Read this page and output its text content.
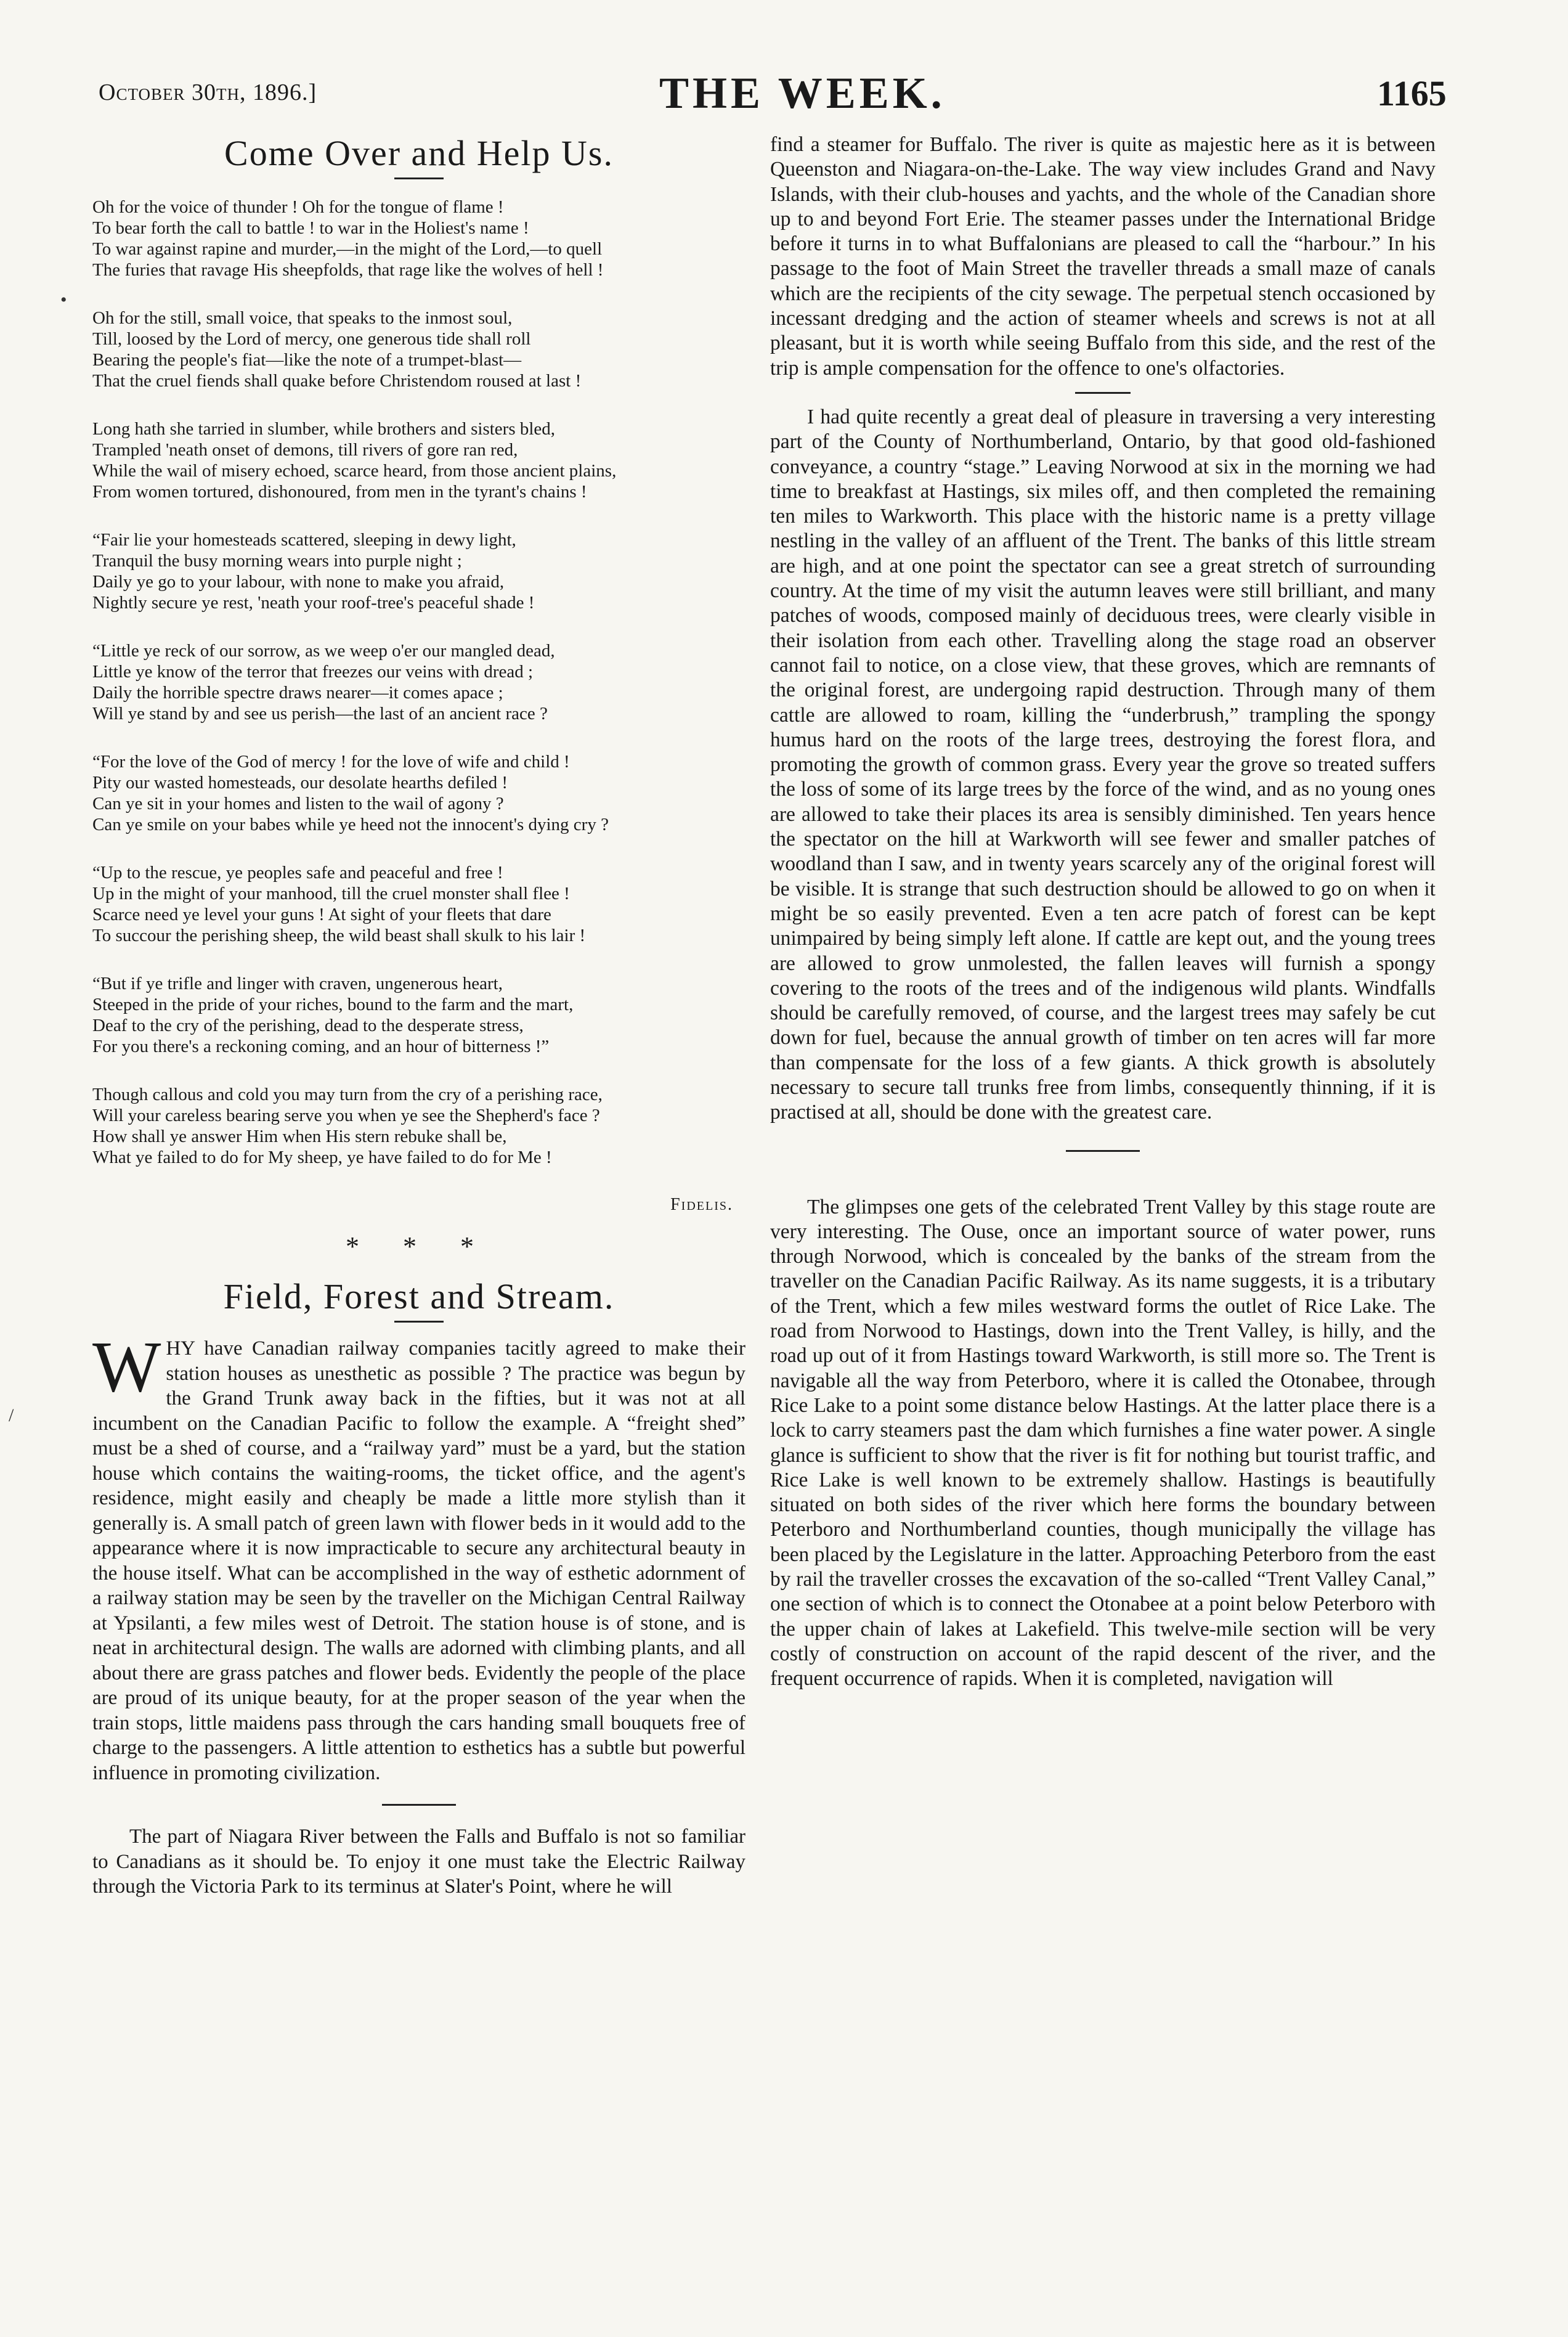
October 30th, 1896.]	THE WEEK.	1165
Come Over and Help Us.

Oh for the voice of thunder ! Oh for the tongue of flame !

To bear forth the call to battle ! to war in the Holiest's name !

To war against rapine and murder,—in the might of the Lord,—to quell

The furies that ravage His sheepfolds, that rage like the wolves of hell !

Oh for the still, small voice, that speaks to the inmost soul,

Till, loosed by the Lord of mercy, one generous tide shall roll

Bearing the people's fiat—like the note of a trumpet-blast—

That the cruel fiends shall quake before Christendom roused at last !

Long hath she tarried in slumber, while brothers and sisters bled,

Trampled 'neath onset of demons, till rivers of gore ran red,

While the wail of misery echoed, scarce heard, from those ancient plains,

From women tortured, dishonoured, from men in the tyrant's chains !

“Fair lie your homesteads scattered, sleeping in dewy light,

Tranquil the busy morning wears into purple night ;

Daily ye go to your labour, with none to make you afraid,

Nightly secure ye rest, 'neath your roof-tree's peaceful shade !

“Little ye reck of our sorrow, as we weep o'er our mangled dead,

Little ye know of the terror that freezes our veins with dread ;

Daily the horrible spectre draws nearer—it comes apace ;

Will ye stand by and see us perish—the last of an ancient race ?

“For the love of the God of mercy ! for the love of wife and child !

Pity our wasted homesteads, our desolate hearths defiled !

Can ye sit in your homes and listen to the wail of agony ?

Can ye smile on your babes while ye heed not the innocent's dying cry ?

“Up to the rescue, ye peoples safe and peaceful and free !

Up in the might of your manhood, till the cruel monster shall flee !

Scarce need ye level your guns ! At sight of your fleets that dare

To succour the perishing sheep, the wild beast shall skulk to his lair !

“But if ye trifle and linger with craven, ungenerous heart,

Steeped in the pride of your riches, bound to the farm and the mart,

Deaf to the cry of the perishing, dead to the desperate stress,

For you there's a reckoning coming, and an hour of bitterness !”

Though callous and cold you may turn from the cry of a perishing race,

Will your careless bearing serve you when ye see the Shepherd's face ?

How shall ye answer Him when His stern rebuke shall be,

What ye failed to do for My sheep, ye have failed to do for Me !

Fidelis.
* * *
Field, Forest and Stream.

WHY have Canadian railway companies tacitly agreed to make their station houses as unesthetic as possible ? The practice was begun by the Grand Trunk away back in the fifties, but it was not at all incumbent on the Canadian Pacific to follow the example. A “freight shed” must be a shed of course, and a “railway yard” must be a yard, but the station house which contains the waiting-rooms, the ticket office, and the agent's residence, might easily and cheaply be made a little more stylish than it generally is. A small patch of green lawn with flower beds in it would add to the appearance where it is now impracticable to secure any architectural beauty in the house itself. What can be accomplished in the way of esthetic adornment of a railway station may be seen by the traveller on the Michigan Central Railway at Ypsilanti, a few miles west of Detroit. The station house is of stone, and is neat in architectural design. The walls are adorned with climbing plants, and all about there are grass patches and flower beds. Evidently the people of the place are proud of its unique beauty, for at the proper season of the year when the train stops, little maidens pass through the cars handing small bouquets free of charge to the passengers. A little attention to esthetics has a subtle but powerful influence in promoting civilization.

The part of Niagara River between the Falls and Buffalo is not so familiar to Canadians as it should be. To enjoy it one must take the Electric Railway through the Victoria Park to its terminus at Slater's Point, where he will

find a steamer for Buffalo. The river is quite as majestic here as it is between Queenston and Niagara-on-the-Lake. The way view includes Grand and Navy Islands, with their club-houses and yachts, and the whole of the Canadian shore up to and beyond Fort Erie. The steamer passes under the International Bridge before it turns in to what Buffalonians are pleased to call the “harbour.” In his passage to the foot of Main Street the traveller threads a small maze of canals which are the recipients of the city sewage. The perpetual stench occasioned by incessant dredging and the action of steamer wheels and screws is not at all pleasant, but it is worth while seeing Buffalo from this side, and the rest of the trip is ample compensation for the offence to one's olfactories.

I had quite recently a great deal of pleasure in traversing a very interesting part of the County of Northumberland, Ontario, by that good old-fashioned conveyance, a country “stage.” Leaving Norwood at six in the morning we had time to breakfast at Hastings, six miles off, and then completed the remaining ten miles to Warkworth. This place with the historic name is a pretty village nestling in the valley of an affluent of the Trent. The banks of this little stream are high, and at one point the spectator can see a great stretch of surrounding country. At the time of my visit the autumn leaves were still brilliant, and many patches of woods, composed mainly of deciduous trees, were clearly visible in their isolation from each other. Travelling along the stage road an observer cannot fail to notice, on a close view, that these groves, which are remnants of the original forest, are undergoing rapid destruction. Through many of them cattle are allowed to roam, killing the “underbrush,” trampling the spongy humus hard on the roots of the large trees, destroying the forest flora, and promoting the growth of common grass. Every year the grove so treated suffers the loss of some of its large trees by the force of the wind, and as no young ones are allowed to take their places its area is sensibly diminished. Ten years hence the spectator on the hill at Warkworth will see fewer and smaller patches of woodland than I saw, and in twenty years scarcely any of the original forest will be visible. It is strange that such destruction should be allowed to go on when it might be so easily prevented. Even a ten acre patch of forest can be kept unimpaired by being simply left alone. If cattle are kept out, and the young trees are allowed to grow unmolested, the fallen leaves will furnish a spongy covering to the roots of the trees and of the indigenous wild plants. Windfalls should be carefully removed, of course, and the largest trees may safely be cut down for fuel, because the annual growth of timber on ten acres will far more than compensate for the loss of a few giants. A thick growth is absolutely necessary to secure tall trunks free from limbs, consequently thinning, if it is practised at all, should be done with the greatest care.

The glimpses one gets of the celebrated Trent Valley by this stage route are very interesting. The Ouse, once an important source of water power, runs through Norwood, which is concealed by the banks of the stream from the traveller on the Canadian Pacific Railway. As its name suggests, it is a tributary of the Trent, which a few miles westward forms the outlet of Rice Lake. The road from Norwood to Hastings, down into the Trent Valley, is hilly, and the road up out of it from Hastings toward Warkworth, is still more so. The Trent is navigable all the way from Peterboro, where it is called the Otonabee, through Rice Lake to a point some distance below Hastings. At the latter place there is a lock to carry steamers past the dam which furnishes a fine water power. A single glance is sufficient to show that the river is fit for nothing but tourist traffic, and Rice Lake is well known to be extremely shallow. Hastings is beautifully situated on both sides of the river which here forms the boundary between Peterboro and Northumberland counties, though municipally the village has been placed by the Legislature in the latter. Approaching Peterboro from the east by rail the traveller crosses the excavation of the so-called “Trent Valley Canal,” one section of which is to connect the Otonabee at a point below Peterboro with the upper chain of lakes at Lakefield. This twelve-mile section will be very costly of construction on account of the rapid descent of the river, and the frequent occurrence of rapids. When it is completed, navigation will

•
/
